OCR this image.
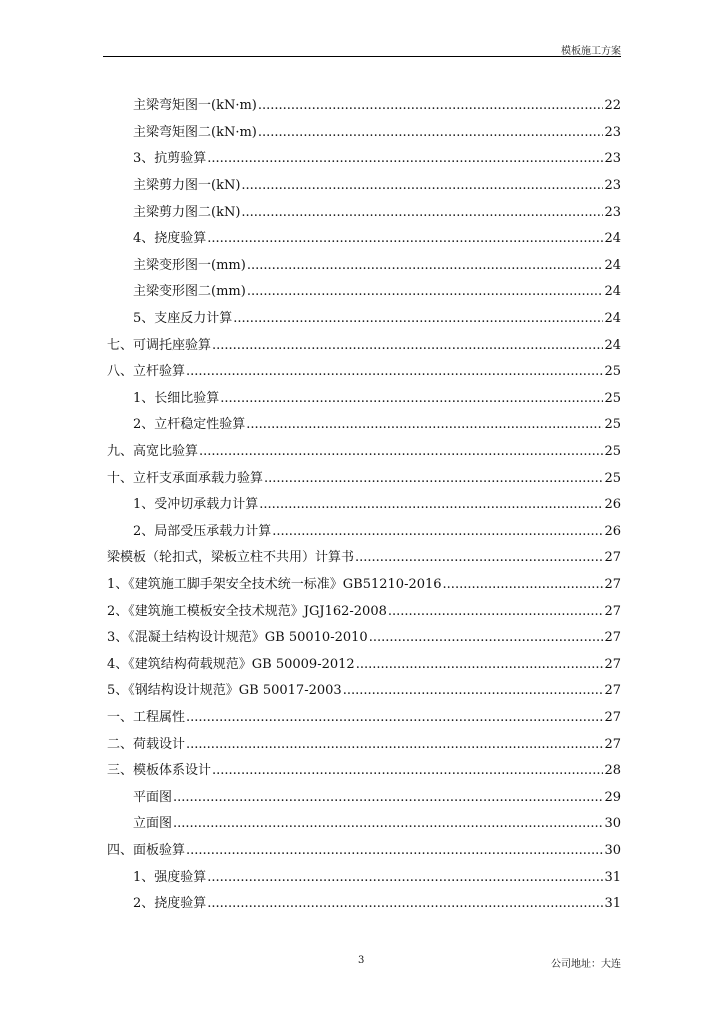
模板施工方案
主梁弯矩图一(kN·m) .....	22
主梁弯矩图二(kN·m) .....	23
3、抗剪验算 .....	23
主梁剪力图一(kN) .....	23
主梁剪力图二(kN) .....	23
4、挠度验算 .....	24
主梁变形图一(mm) .....	24
主梁变形图二(mm) .....	24
5、支座反力计算 .....	24
七、可调托座验算 .....	24
八、立杆验算 .....	25
1、长细比验算 .....	25
2、立杆稳定性验算 .....	25
九、高宽比验算 .....	25
十、立杆支承面承载力验算 .....	25
1、受冲切承载力计算 .....	26
2、局部受压承载力计算 .....	26
梁模板（轮扣式，梁板立柱不共用）计算书 .....	27
1、《建筑施工脚手架安全技术统一标准》GB51210-2016 .....	27
2、《建筑施工模板安全技术规范》JGJ162-2008 .....	27
3、《混凝土结构设计规范》GB 50010-2010 .....	27
4、《建筑结构荷载规范》GB 50009-2012 .....	27
5、《钢结构设计规范》GB 50017-2003 .....	27
一、工程属性 .....	27
二、荷载设计 .....	27
三、模板体系设计 .....	28
平面图 .....	29
立面图 .....	30
四、面板验算 .....	30
1、强度验算 .....	31
2、挠度验算 .....	31
3	公司地址：大连
